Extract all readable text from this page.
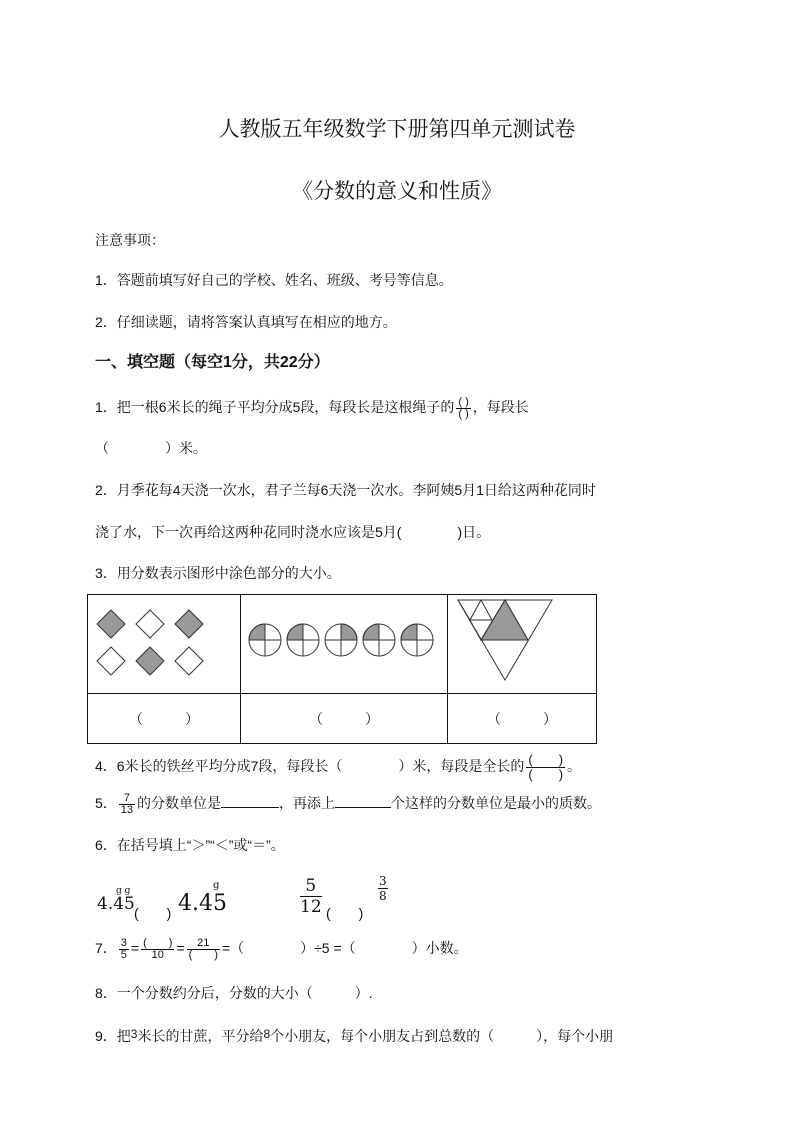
人教版五年级数学下册第四单元测试卷
《分数的意义和性质》
注意事项：
1．答题前填写好自己的学校、姓名、班级、考号等信息。
2．仔细读题，请将答案认真填写在相应的地方。
一、填空题（每空1分，共22分）
1．把一根6米长的绳子平均分成5段，每段长是这根绳子的 $\frac{( )}{( )}$ ，每段长
（　　　　）米。
2．月季花每4天浇一次水，君子兰每6天浇一次水。李阿姨5月1日给这两种花同时
浇了水，下一次再给这两种花同时浇水应该是5月(　　　　)日。
3．用分数表示图形中涂色部分的大小。

（　　　）	（　　　）	（　　　）
4．6米长的铁丝平均分成7段，每段长（　　　　）米，每段是全长的 $\frac{( )}{( )}$ 。
5． $\frac{7}{13}$ 的分数单位是	，再添上	个这样的分数单位是最小的质数。
6．在括号填上“＞”“＜”或“＝”。
4.45
g g
(　　) 4.45
g	5
12 (　　)
3
8
7． $\frac{3}{5} = \frac{( )}{10} = \frac{21}{( )}$ =（　　　　）÷5 =（　　　　）小数。
8．一个分数约分后，分数的大小（　　　）.
9．把3米长的甘蔗，平分给8个小朋友，每个小朋友占到总数的（　　　），每个小朋
